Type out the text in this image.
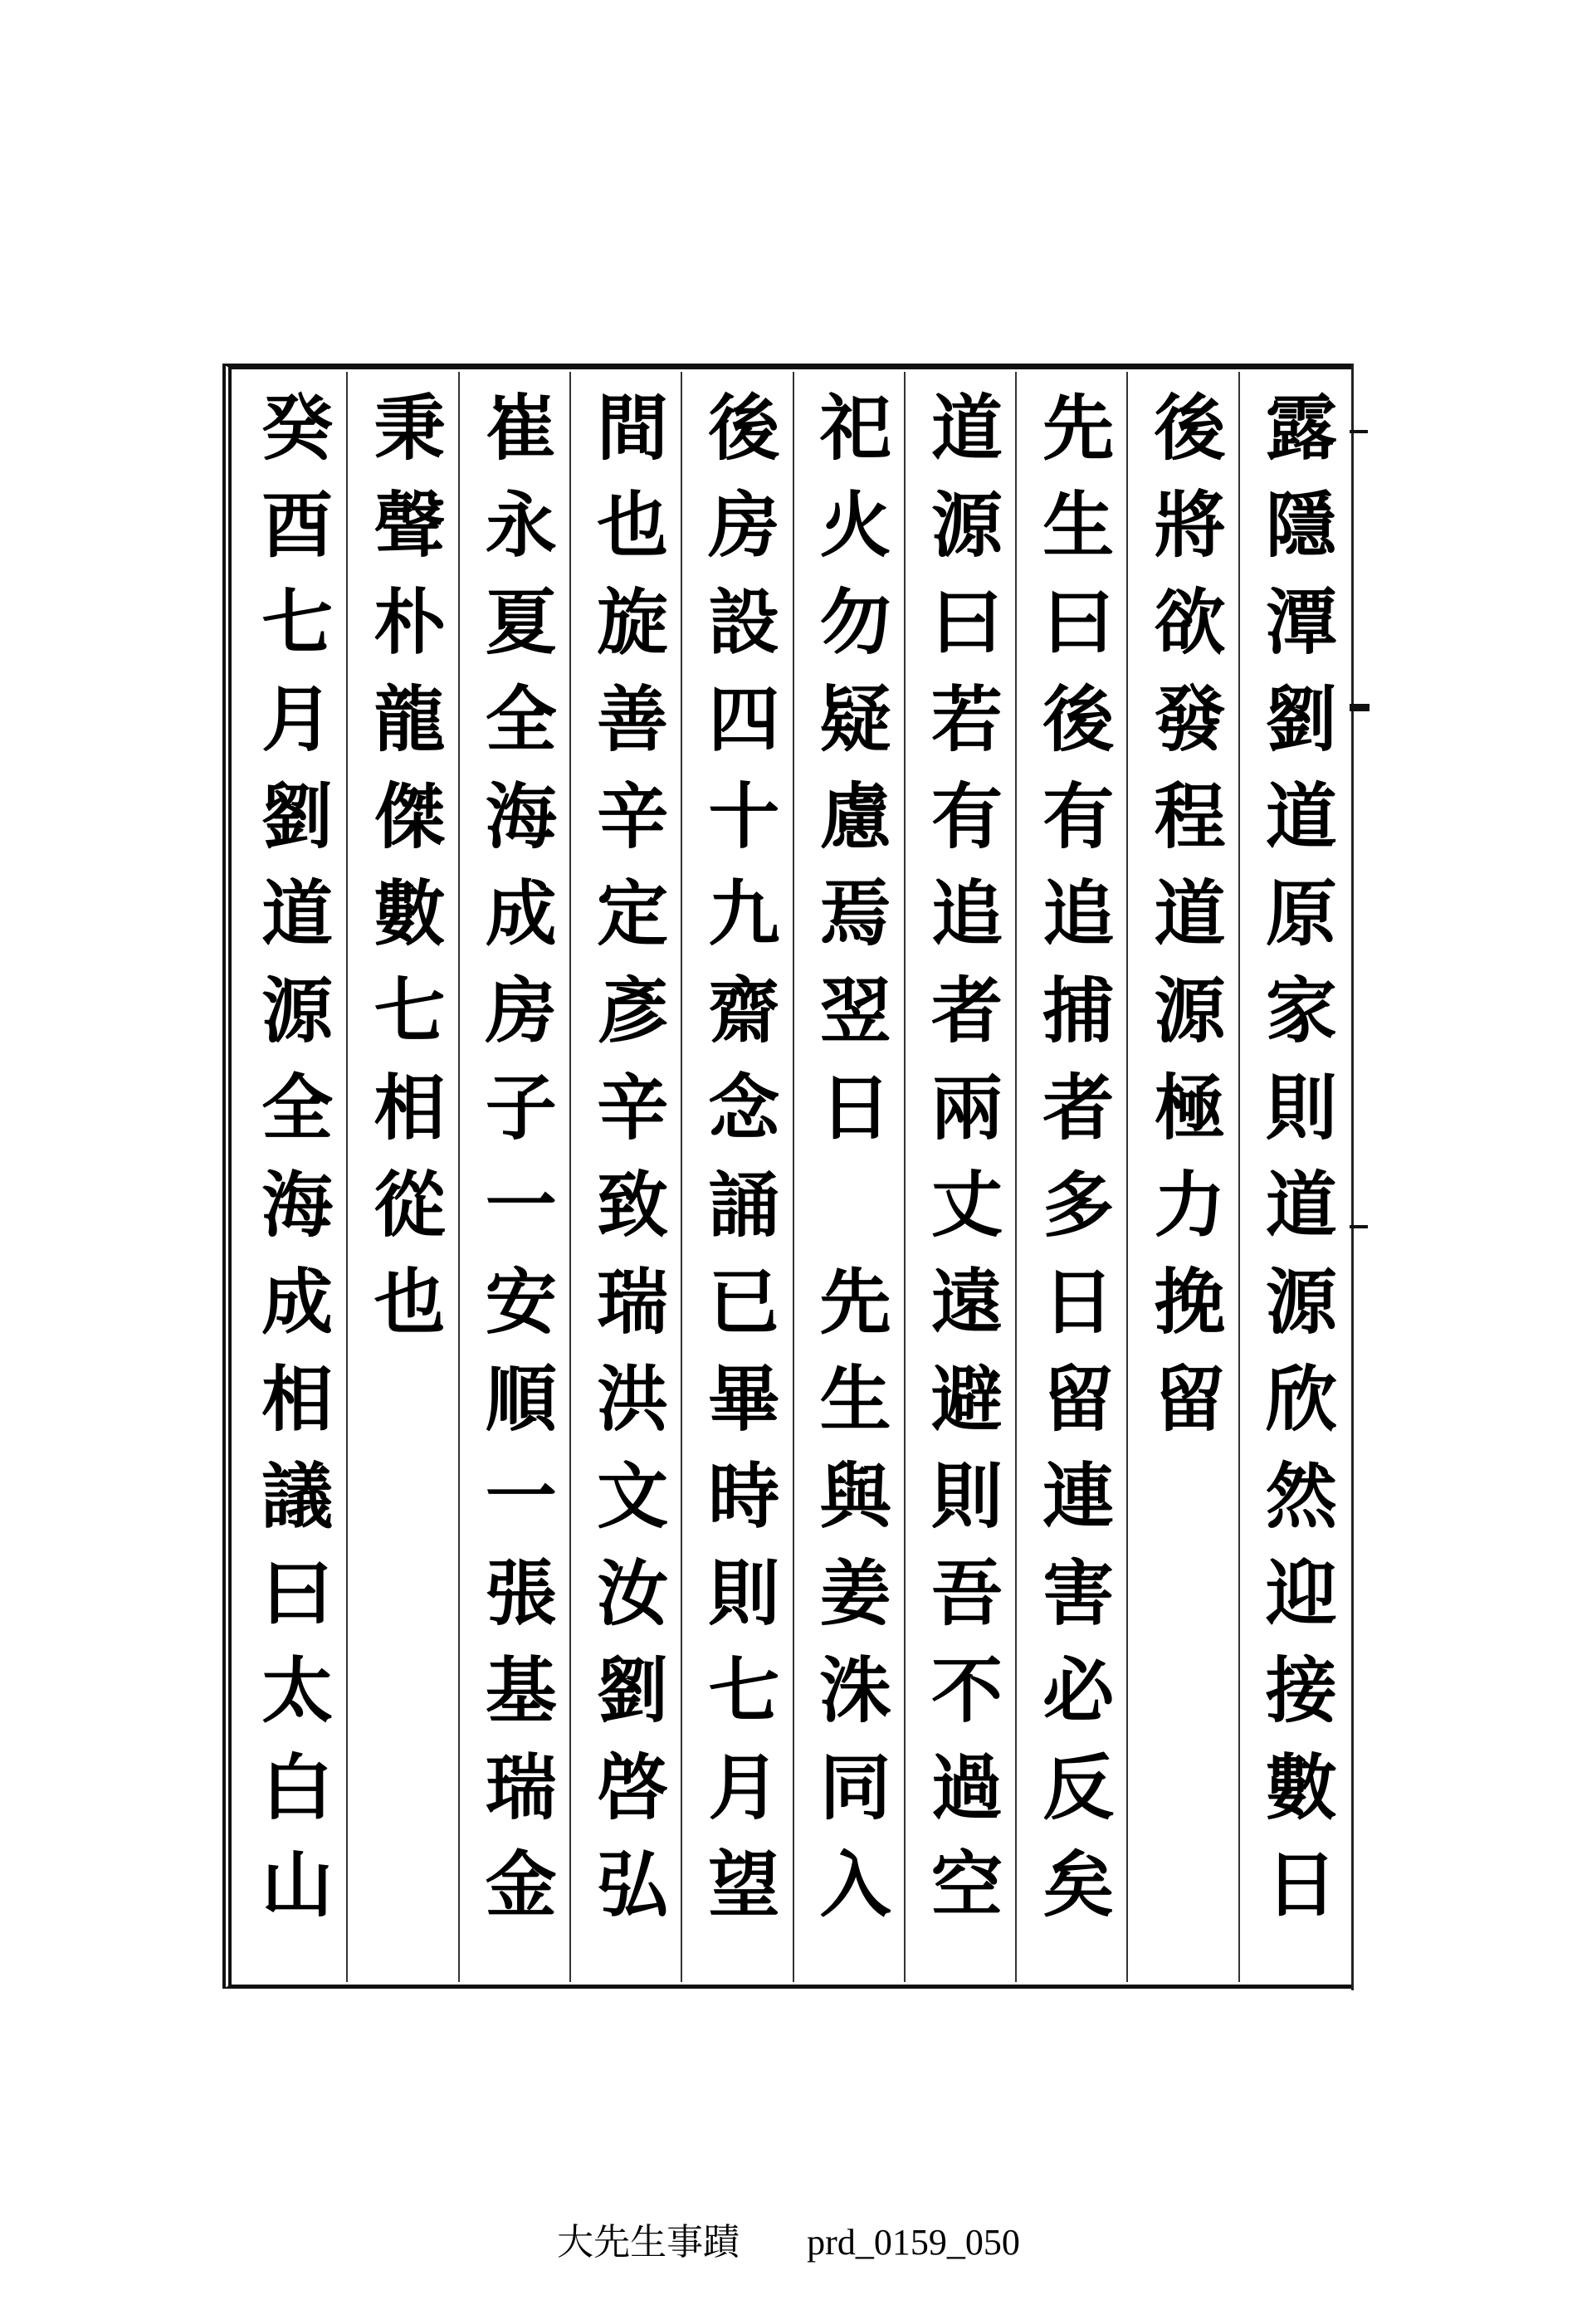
露隱潭劉道原家則道源欣然迎接數日
後將欲發程道源極力挽留
先生曰後有追捕者多日留連害必反矣
道源曰若有追者兩丈遠避則吾不過空
祀火勿疑慮焉翌日　先生與姜洙同入
後房設四十九齋念誦已畢時則七月望
間也旋善辛定彥辛致瑞洪文汝劉啓弘
崔永夏全海成房子一安順一張基瑞金
秉聲朴龍傑數七相從也
癸酉七月劉道源全海成相議曰太白山
大先生事蹟 prd_0159_050
